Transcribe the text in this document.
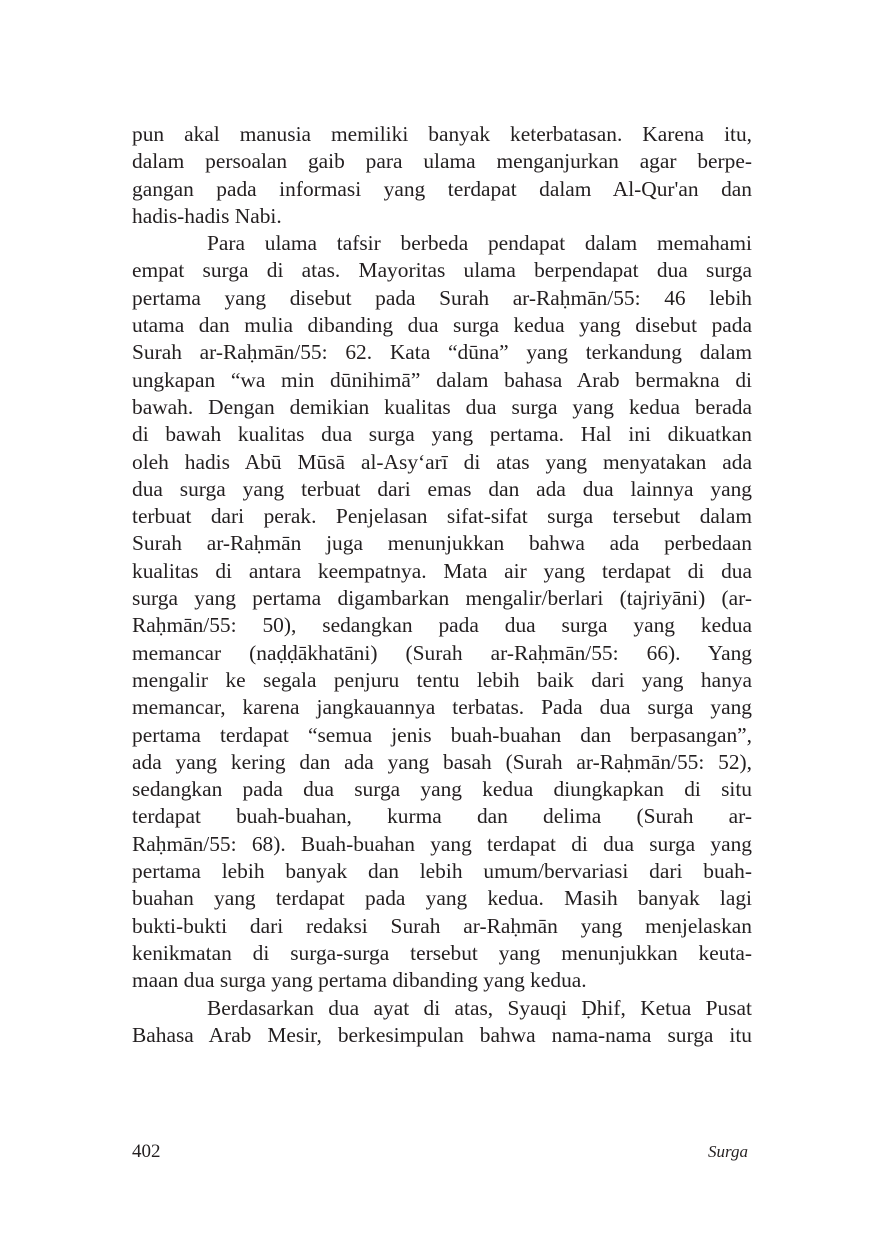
pun akal manusia memiliki banyak keterbatasan. Karena itu,
dalam persoalan gaib para ulama menganjurkan agar berpe-
gangan pada informasi yang terdapat dalam Al-Qur'an dan
hadis-hadis Nabi.
Para ulama tafsir berbeda pendapat dalam memahami
empat surga di atas. Mayoritas ulama berpendapat dua surga
pertama yang disebut pada Surah ar-Raḥmān/55: 46 lebih
utama dan mulia dibanding dua surga kedua yang disebut pada
Surah ar-Raḥmān/55: 62. Kata “dūna” yang terkandung dalam
ungkapan “wa min dūnihimā” dalam bahasa Arab bermakna di
bawah. Dengan demikian kualitas dua surga yang kedua berada
di bawah kualitas dua surga yang pertama. Hal ini dikuatkan
oleh hadis Abū Mūsā al-Asy‘arī di atas yang menyatakan ada
dua surga yang terbuat dari emas dan ada dua lainnya yang
terbuat dari perak. Penjelasan sifat-sifat surga tersebut dalam
Surah ar-Raḥmān juga menunjukkan bahwa ada perbedaan
kualitas di antara keempatnya. Mata air yang terdapat di dua
surga yang pertama digambarkan mengalir/berlari (tajriyāni) (ar-
Raḥmān/55: 50), sedangkan pada dua surga yang kedua
memancar (naḍḍākhatāni) (Surah ar-Raḥmān/55: 66). Yang
mengalir ke segala penjuru tentu lebih baik dari yang hanya
memancar, karena jangkauannya terbatas. Pada dua surga yang
pertama terdapat “semua jenis buah-buahan dan berpasangan”,
ada yang kering dan ada yang basah (Surah ar-Raḥmān/55: 52),
sedangkan pada dua surga yang kedua diungkapkan di situ
terdapat buah-buahan, kurma dan delima (Surah ar-
Raḥmān/55: 68). Buah-buahan yang terdapat di dua surga yang
pertama lebih banyak dan lebih umum/bervariasi dari buah-
buahan yang terdapat pada yang kedua. Masih banyak lagi
bukti-bukti dari redaksi Surah ar-Raḥmān yang menjelaskan
kenikmatan di surga-surga tersebut yang menunjukkan keuta-
maan dua surga yang pertama dibanding yang kedua.
Berdasarkan dua ayat di atas, Syauqi Ḍhif, Ketua Pusat
Bahasa Arab Mesir, berkesimpulan bahwa nama-nama surga itu
402	Surga
